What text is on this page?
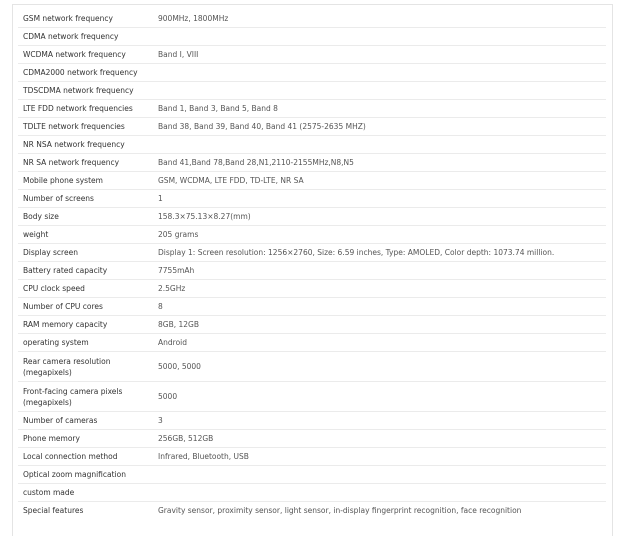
GSM network frequency	900MHz, 1800MHz
CDMA network frequency	
WCDMA network frequency	Band I, VIII
CDMA2000 network frequency	
TDSCDMA network frequency	
LTE FDD network frequencies	Band 1, Band 3, Band 5, Band 8
TDLTE network frequencies	Band 38, Band 39, Band 40, Band 41 (2575-2635 MHZ)
NR NSA network frequency	
NR SA network frequency	Band 41,Band 78,Band 28,N1,2110-2155MHz,N8,N5
Mobile phone system	GSM, WCDMA, LTE FDD, TD-LTE, NR SA
Number of screens	1
Body size	158.3×75.13×8.27(mm)
weight	205 grams
Display screen	Display 1: Screen resolution: 1256×2760, Size: 6.59 inches, Type: AMOLED, Color depth: 1073.74 million.
Battery rated capacity	7755mAh
CPU clock speed	2.5GHz
Number of CPU cores	8
RAM memory capacity	8GB, 12GB
operating system	Android
Rear camera resolution (megapixels)	5000, 5000
Front-facing camera pixels (megapixels)	5000
Number of cameras	3
Phone memory	256GB, 512GB
Local connection method	Infrared, Bluetooth, USB
Optical zoom magnification	
custom made	
Special features	Gravity sensor, proximity sensor, light sensor, in-display fingerprint recognition, face recognition
